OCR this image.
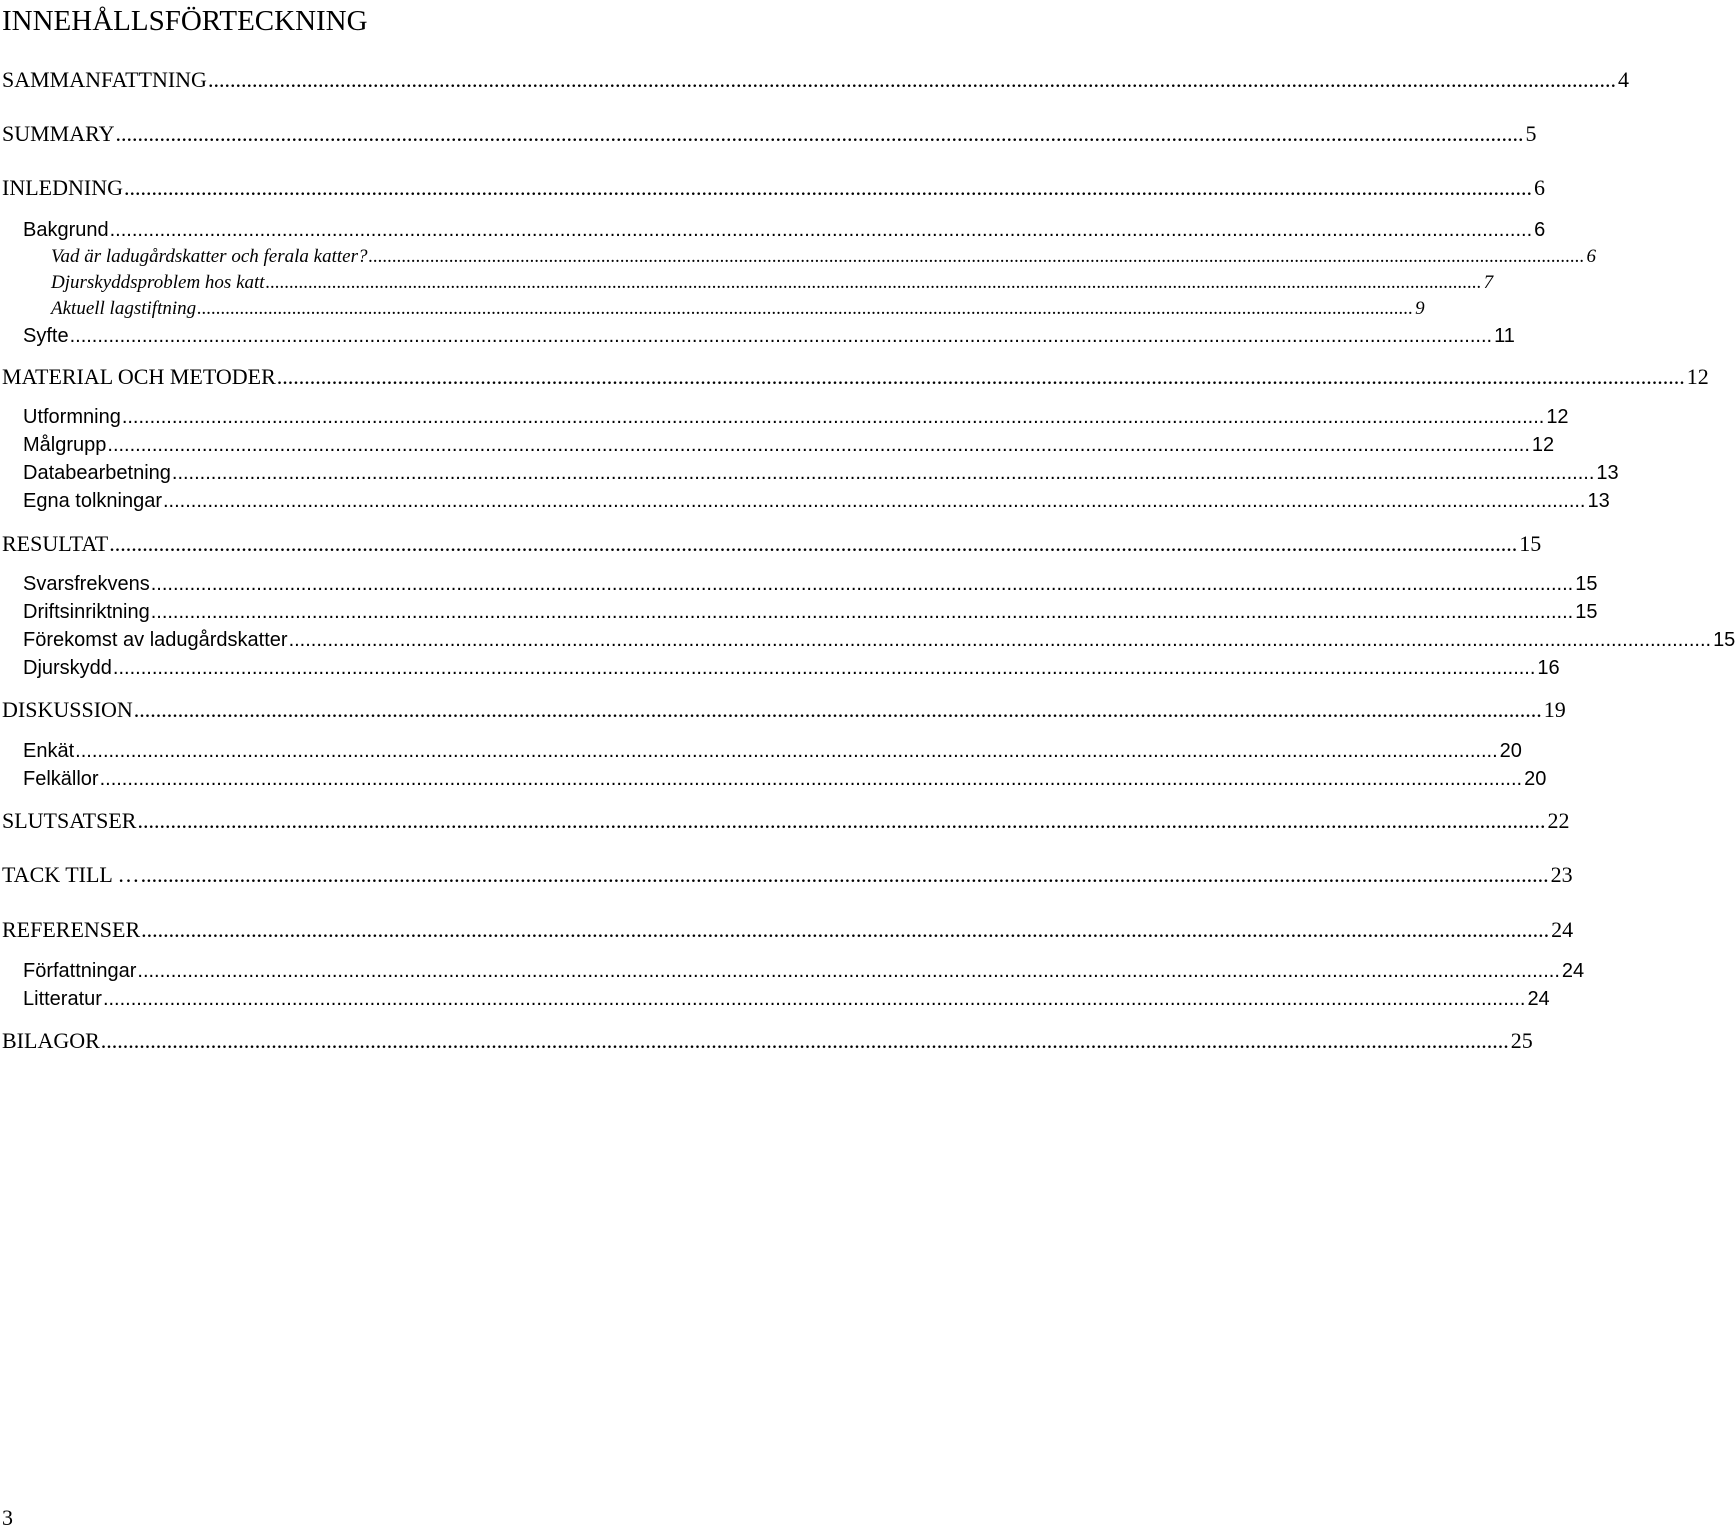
INNEHÅLLSFÖRTECKNING
SAMMANFATTNING ................................................................................................................................................................................................................................................................ 4
SUMMARY ................................................................................................................................................................................................................................................................ 5
INLEDNING ................................................................................................................................................................................................................................................................ 6
Bakgrund ................................................................................................................................................................................................................................................................ 6
Vad är ladugårdskatter och ferala katter? ................................................................................................................................................................................................................................................................ 6
Djurskyddsproblem hos katt ................................................................................................................................................................................................................................................................ 7
Aktuell lagstiftning ................................................................................................................................................................................................................................................................ 9
Syfte ................................................................................................................................................................................................................................................................ 11
MATERIAL OCH METODER ................................................................................................................................................................................................................................................................ 12
Utformning ................................................................................................................................................................................................................................................................ 12
Målgrupp ................................................................................................................................................................................................................................................................ 12
Databearbetning ................................................................................................................................................................................................................................................................ 13
Egna tolkningar ................................................................................................................................................................................................................................................................ 13
RESULTAT ................................................................................................................................................................................................................................................................ 15
Svarsfrekvens ................................................................................................................................................................................................................................................................ 15
Driftsinriktning ................................................................................................................................................................................................................................................................ 15
Förekomst av ladugårdskatter ................................................................................................................................................................................................................................................................ 15
Djurskydd ................................................................................................................................................................................................................................................................ 16
DISKUSSION ................................................................................................................................................................................................................................................................ 19
Enkät ................................................................................................................................................................................................................................................................ 20
Felkällor ................................................................................................................................................................................................................................................................ 20
SLUTSATSER ................................................................................................................................................................................................................................................................ 22
TACK TILL … ................................................................................................................................................................................................................................................................ 23
REFERENSER ................................................................................................................................................................................................................................................................ 24
Författningar ................................................................................................................................................................................................................................................................ 24
Litteratur ................................................................................................................................................................................................................................................................ 24
BILAGOR ................................................................................................................................................................................................................................................................ 25
3
